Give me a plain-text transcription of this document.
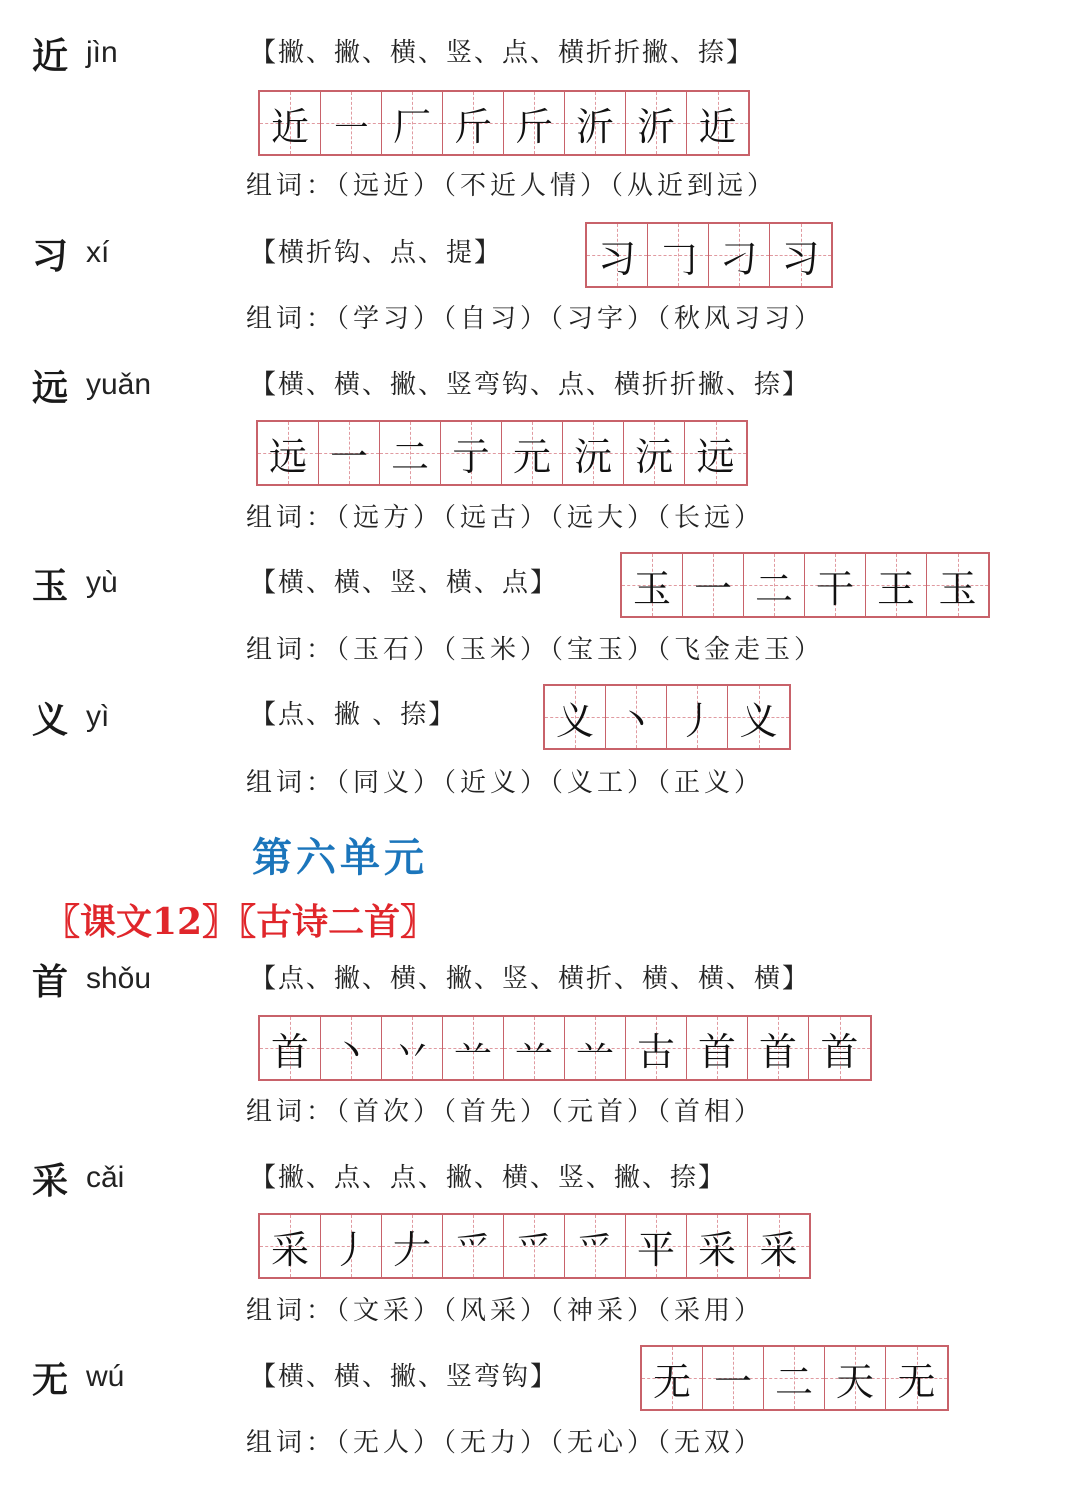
近 jìn	【撇、撇、横、竖、点、横折折撇、捺】
近 ㇐ 厂 斤 斤 沂 沂 近
组词：（远近）（不近人情）（从近到远）
习 xí	【横折钩、点、提】	习 𠃌 刁 习
组词：（学习）（自习）（习字）（秋风习习）
远 yuǎn	【横、横、撇、竖弯钩、点、横折折撇、捺】
远 一 二 亍 元 沅 沅 远
组词：（远方）（远古）（远大）（长远）
玉 yù	【横、横、竖、横、点】 玉 一 二 干 王 玉
组词：（玉石）（玉米）（宝玉）（飞金走玉）
义 yì	【点、撇 、捺】	义 丶 丿 义
组词：（同义）（近义）（义工）（正义）
第六单元
〖课文12〗〖古诗二首〗
首 shǒu	【点、撇、横、撇、竖、横折、横、横、横】
首 丶 丷 䒑 䒑 䒑 古 首 首 首
组词：（首次）（首先）（元首）（首相）
采 cǎi	【撇、点、点、撇、横、竖、撇、捺】
采 丿 𠂇 爫 爫 爫 平 采 采
组词：（文采）（风采）（神采）（采用）
无 wú	【横、横、撇、竖弯钩】 无 一 二 天 无
组词：（无人）（无力）（无心）（无双）
